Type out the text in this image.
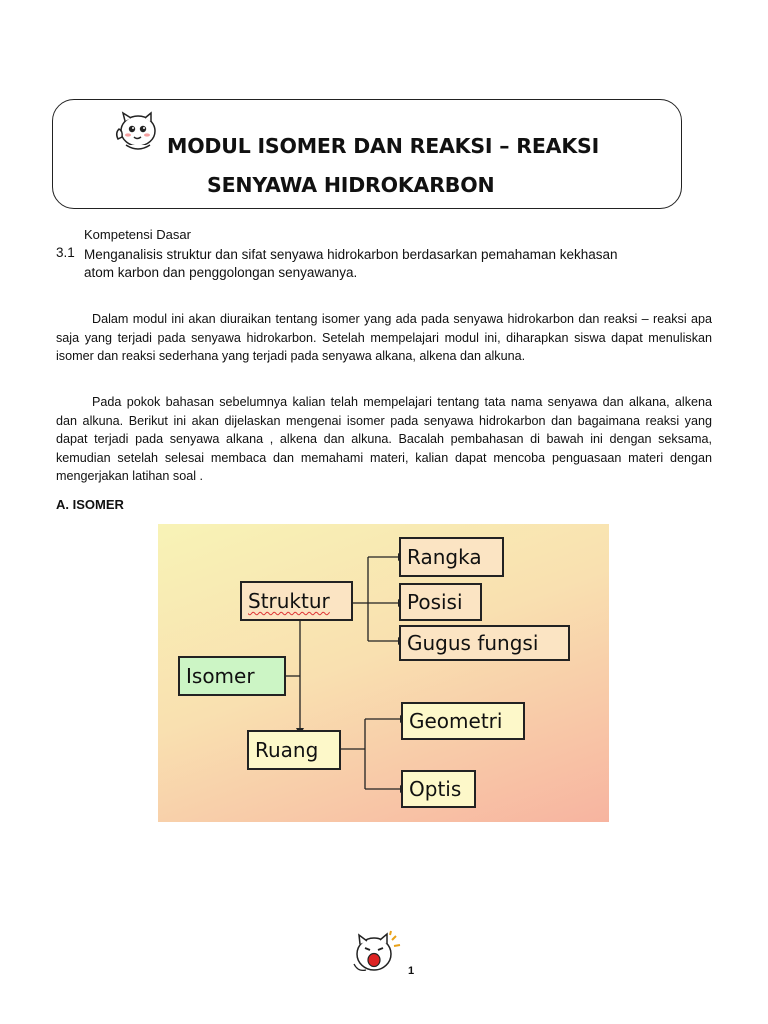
MODUL ISOMER DAN REAKSI – REAKSI
SENYAWA HIDROKARBON
Kompetensi Dasar
3.1 Menganalisis struktur dan sifat senyawa hidrokarbon berdasarkan pemahaman kekhasan
atom karbon dan penggolongan senyawanya.
Dalam modul ini akan diuraikan tentang isomer yang ada pada senyawa hidrokarbon dan reaksi – reaksi apa saja yang terjadi pada senyawa hidrokarbon. Setelah mempelajari modul ini, diharapkan siswa dapat menuliskan isomer dan reaksi sederhana yang terjadi pada senyawa alkana, alkena dan alkuna.
Pada pokok bahasan sebelumnya kalian telah mempelajari tentang tata nama senyawa dan alkana, alkena dan alkuna. Berikut ini akan dijelaskan mengenai isomer pada senyawa hidrokarbon dan bagaimana reaksi yang dapat terjadi pada senyawa alkana , alkena dan alkuna. Bacalah pembahasan di bawah ini dengan seksama, kemudian setelah selesai membaca dan memahami materi, kalian dapat mencoba penguasaan materi dengan mengerjakan latihan soal .
A. ISOMER
Rangka
Struktur	Posisi
Gugus fungsi
Isomer
Geometri
Ruang
Optis
1
